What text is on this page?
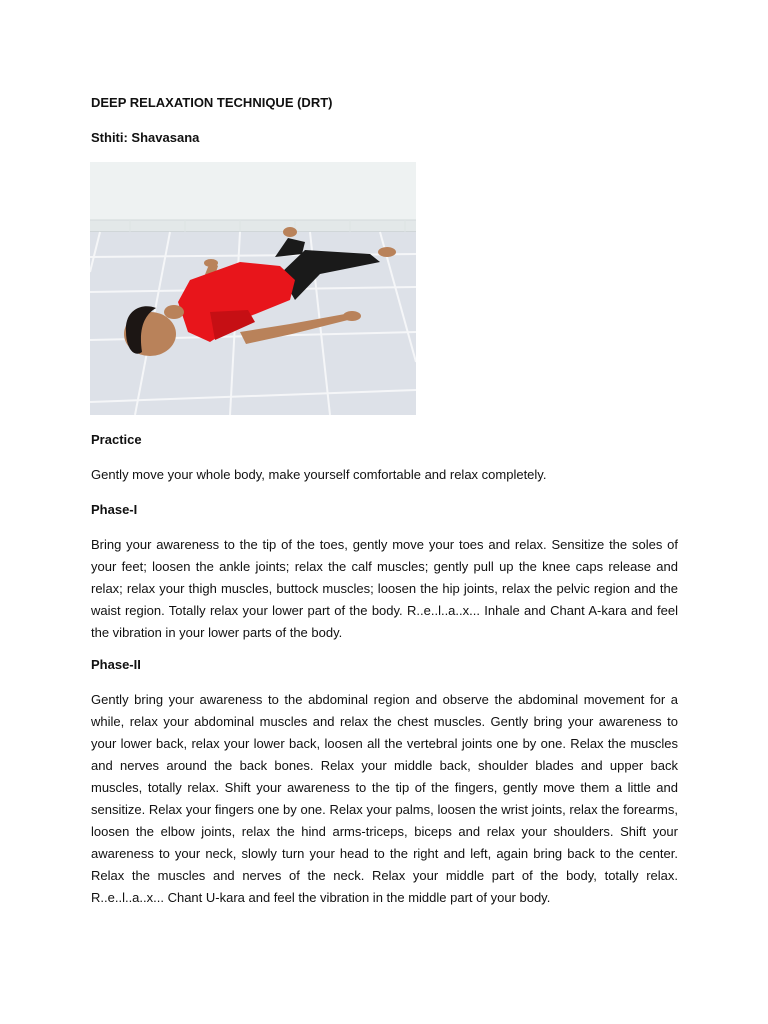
DEEP RELAXATION TECHNIQUE (DRT)
Sthiti: Shavasana
Practice
Gently move your whole body, make yourself comfortable and relax completely.
Phase-I
Bring your awareness to the tip of the toes, gently move your toes and relax. Sensitize the soles of your feet; loosen the ankle joints; relax the calf muscles; gently pull up the knee caps release and relax; relax your thigh muscles, buttock muscles; loosen the hip joints, relax the pelvic region and the waist region. Totally relax your lower part of the body. R..e..l..a..x... Inhale and Chant A-kara and feel the vibration in your lower parts of the body.
Phase-II
Gently bring your awareness to the abdominal region and observe the abdominal movement for a while, relax your abdominal muscles and relax the chest muscles. Gently bring your awareness to your lower back, relax your lower back, loosen all the vertebral joints one by one. Relax the muscles and nerves around the back bones. Relax your middle back, shoulder blades and upper back muscles, totally relax. Shift your awareness to the tip of the fingers, gently move them a little and sensitize. Relax your fingers one by one. Relax your palms, loosen the wrist joints, relax the forearms, loosen the elbow joints, relax the hind arms-triceps, biceps and relax your shoulders. Shift your awareness to your neck, slowly turn your head to the right and left, again bring back to the center. Relax the muscles and nerves of the neck. Relax your middle part of the body, totally relax. R..e..l..a..x... Chant U-kara and feel the vibration in the middle part of your body.
